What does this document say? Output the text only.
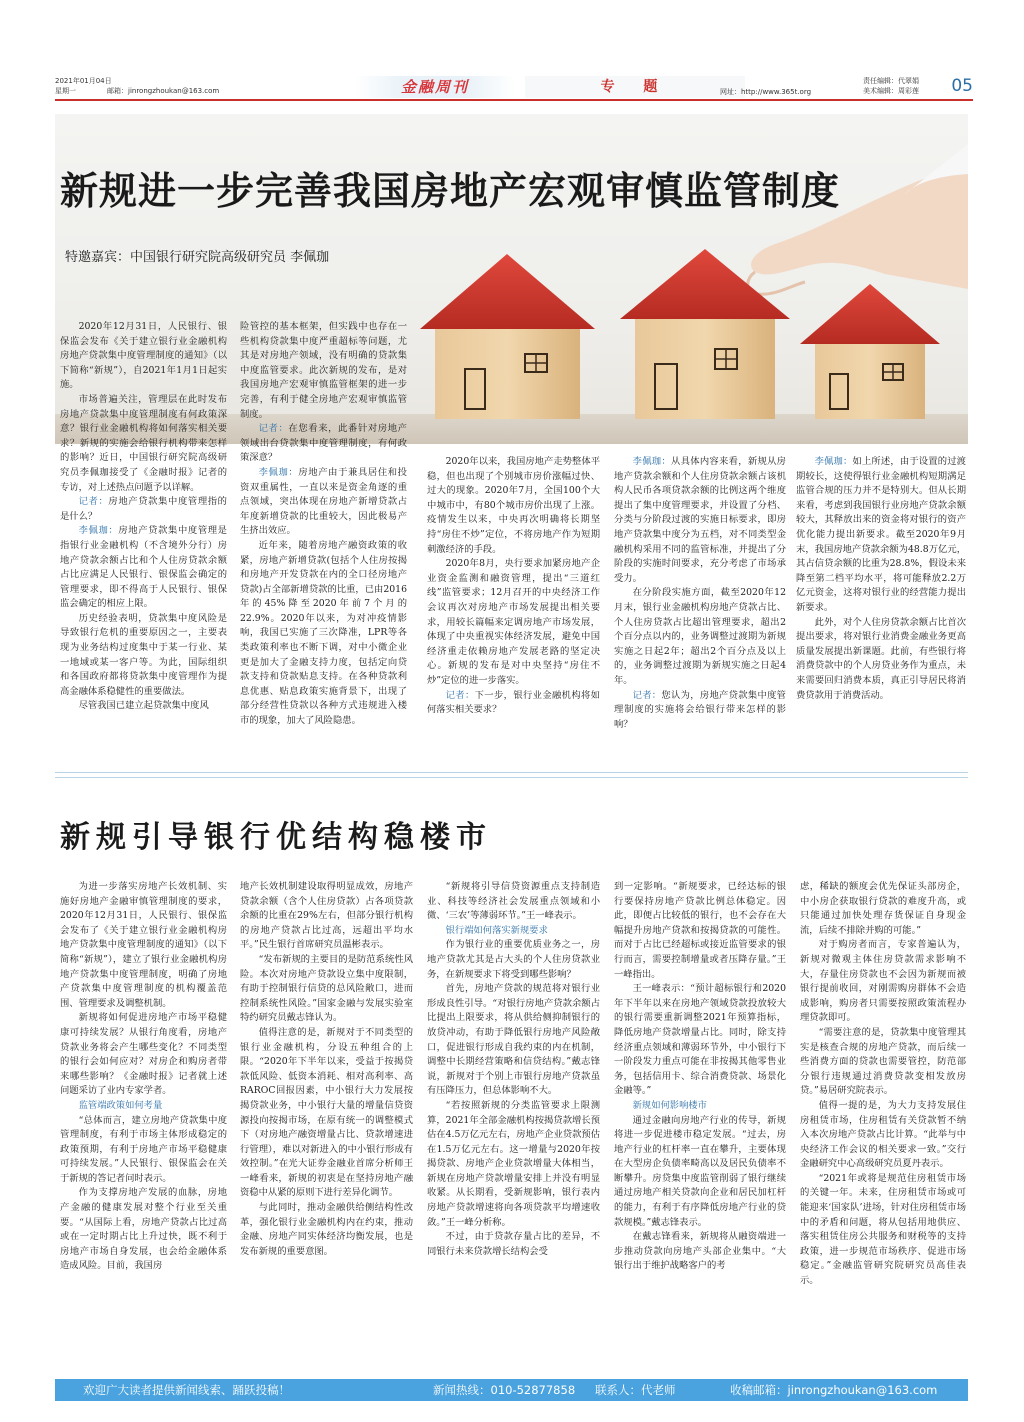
2021年01月04日
星期一	邮箱：jinrongzhoukan@163.com	金融周刊	专 题	网址：http://www.365t.org
责任编辑：代翠娟
美术编辑：周彩莲 05
新规进一步完善我国房地产宏观审慎监管制度
特邀嘉宾：中国银行研究院高级研究员 李佩珈

2020年12月31日，人民银行、银保监会发布《关于建立银行业金融机构房地产贷款集中度管理制度的通知》（以下简称“新规”），自2021年1月1日起实施。

市场普遍关注，管理层在此时发布房地产贷款集中度管理制度有何政策深意？银行业金融机构将如何落实相关要求？新规的实施会给银行机构带来怎样的影响？近日，中国银行研究院高级研究员李佩珈接受了《金融时报》记者的专访，对上述热点问题予以详解。

记者：房地产贷款集中度管理指的是什么？

李佩珈：房地产贷款集中度管理是指银行业金融机构（不含境外分行）房地产贷款余额占比和个人住房贷款余额占比应满足人民银行、银保监会确定的管理要求，即不得高于人民银行、银保监会确定的相应上限。

历史经验表明，贷款集中度风险是导致银行危机的重要原因之一，主要表现为业务结构过度集中于某一行业、某一地域或某一客户等。为此，国际组织和各国政府都将贷款集中度管理作为提高金融体系稳健性的重要做法。

尽管我国已建立起贷款集中度风

险管控的基本框架，但实践中也存在一些机构贷款集中度严重超标等问题，尤其是对房地产领域，没有明确的贷款集中度监管要求。此次新规的发布，是对我国房地产宏观审慎监管框架的进一步完善，有利于健全房地产宏观审慎监管制度。

记者：在您看来，此番针对房地产领域出台贷款集中度管理制度，有何政策深意？

李佩珈：房地产由于兼具居住和投资双重属性，一直以来是资金角逐的重点领域，突出体现在房地产新增贷款占年度新增贷款的比重较大，因此极易产生挤出效应。

近年来，随着房地产融资政策的收紧，房地产新增贷款(包括个人住房按揭和房地产开发贷款在内的全口径房地产贷款)占全部新增贷款的比重，已由2016年的45%降至2020年前7个月的22.9%。2020年以来，为对冲疫情影响，我国已实施了三次降准，LPR等各类政策利率也不断下调，对中小微企业更是加大了金融支持力度，包括定向贷款支持和贷款贴息支持。在各种贷款利息优惠、贴息政策实施背景下，出现了部分经营性贷款以各种方式违规进入楼市的现象，加大了风险隐患。

2020年以来，我国房地产走势整体平稳，但也出现了个别城市房价涨幅过快、过大的现象。2020年7月，全国100个大中城市中，有80个城市房价出现了上涨。疫情发生以来，中央再次明确将长期坚持“房住不炒”定位，不将房地产作为短期刺激经济的手段。

2020年8月，央行要求加紧房地产企业资金监测和融资管理，提出“三道红线”监管要求；12月召开的中央经济工作会议再次对房地产市场发展提出相关要求，用较长篇幅来定调房地产市场发展，体现了中央重视实体经济发展，避免中国经济重走依赖房地产发展老路的坚定决心。新规的发布是对中央坚持“房住不炒”定位的进一步落实。

记者：下一步，银行业金融机构将如何落实相关要求？

李佩珈：从具体内容来看，新规从房地产贷款余额和个人住房贷款余额占该机构人民币各项贷款余额的比例这两个维度提出了集中度管理要求，并设置了分档、分类与分阶段过渡的实施日标要求，即房地产贷款集中度分为五档，对不同类型金融机构采用不同的监管标准，并提出了分阶段的实施时间要求，充分考虑了市场承受力。

在分阶段实施方面，截至2020年12月末，银行业金融机构房地产贷款占比、个人住房贷款占比超出管理要求，超出2个百分点以内的，业务调整过渡期为新规实施之日起2年；超出2个百分点及以上的，业务调整过渡期为新规实施之日起4年。

记者：您认为，房地产贷款集中度管理制度的实施将会给银行带来怎样的影响？

李佩珈：如上所述，由于设置的过渡期较长，这使得银行业金融机构短期满足监管合规的压力并不是特别大。但从长期来看，考虑到我国银行业房地产贷款余额较大，其释放出来的资金将对银行的资产优化能力提出新要求。截至2020年9月末，我国房地产贷款余额为48.8万亿元，其占信贷余额的比重为28.8%，假设未来降至第二档平均水平，将可能释放2.2万亿元资金，这将对银行业的经营能力提出新要求。

此外，对个人住房贷款余额占比首次提出要求，将对银行业消费金融业务更高质量发展提出新课题。此前，有些银行将消费贷款中的个人房贷业务作为重点，未来需要回归消费本质，真正引导居民将消费贷款用于消费活动。

新规引导银行优结构稳楼市

为进一步落实房地产长效机制、实施好房地产金融审慎管理制度的要求，2020年12月31日，人民银行、银保监会发布了《关于建立银行业金融机构房地产贷款集中度管理制度的通知》（以下简称“新规”），建立了银行业金融机构房地产贷款集中度管理制度，明确了房地产贷款集中度管理制度的机构覆盖范围、管理要求及调整机制。

新规将如何促进房地产市场平稳健康可持续发展？从银行角度看，房地产贷款业务将会产生哪些变化？不同类型的银行会如何应对？对房企和购房者带来哪些影响？《金融时报》记者就上述问题采访了业内专家学者。

监管端政策如何考量

“总体而言，建立房地产贷款集中度管理制度，有利于市场主体形成稳定的政策预期，有利于房地产市场平稳健康可持续发展。”人民银行、银保监会在关于新规的答记者问时表示。

作为支撑房地产发展的血脉，房地产金融的健康发展对整个行业至关重要。“从国际上看，房地产贷款占比过高或在一定时期占比上升过快，既不利于房地产市场自身发展，也会给金融体系造成风险。目前，我国房

地产长效机制建设取得明显成效，房地产贷款余额（含个人住房贷款）占各项贷款余额的比重在29%左右，但部分银行机构的房地产贷款占比过高，远超出平均水平。”民生银行首席研究员温彬表示。

“发布新规的主要目的是防范系统性风险。本次对房地产贷款设立集中度限制，有助于控制银行信贷的总风险敞口，进而控制系统性风险。”国家金融与发展实验室特约研究员戴志锋认为。

值得注意的是，新规对于不同类型的银行业金融机构，分设五种组合的上限。“2020年下半年以来，受益于按揭贷款低风险、低资本消耗、相对高利率、高RAROC回报因素，中小银行大力发展按揭贷款业务，中小银行大量的增量信贷资源投向按揭市场，在原有统一的调整模式下（对房地产融资增量占比、贷款增速进行管理），难以对新进入的中小银行形成有效控制。”在光大证券金融业首席分析师王一峰看来，新规的初衷是在坚持房地产融资稳中从紧的原则下进行差异化调节。

与此同时，推动金融供给侧结构性改革，强化银行业金融机构内在约束，推动金融、房地产同实体经济均衡发展，也是发布新规的重要意图。

“新规将引导信贷资源重点支持制造业、科技等经济社会发展重点领域和小微、‘三农’等薄弱环节。”王一峰表示。

银行端如何落实新规要求

作为银行业的重要优质业务之一，房地产贷款尤其是占大头的个人住房贷款业务，在新规要求下将受到哪些影响？

首先，房地产贷款的规范将对银行业形成良性引导。“对银行房地产贷款余额占比提出上限要求，将从供给侧抑制银行的放贷冲动，有助于降低银行房地产风险敞口，促进银行形成自我约束的内在机制，调整中长期经营策略和信贷结构。”戴志锋说，新规对于个别上市银行房地产贷款虽有压降压力，但总体影响不大。

“若按照新规的分类监管要求上限测算，2021年全部金融机构按揭贷款增长预估在4.5万亿元左右，房地产企业贷款预估在1.5万亿元左右。这一增量与2020年按揭贷款、房地产企业贷款增量大体相当，新规在房地产贷款增量安排上并没有明显收紧。从长期看，受新规影响，银行表内房地产贷款增速将向各项贷款平均增速收敛。”王一峰分析称。

不过，由于贷款存量占比的差异，不同银行未来贷款增长结构会受

到一定影响。“新规要求，已经达标的银行要保持房地产贷款比例总体稳定。因此，即便占比较低的银行，也不会存在大幅提升房地产贷款和按揭贷款的可能性。而对于占比已经超标或接近监管要求的银行而言，需要控制增量或者压降存量。”王一峰指出。

王一峰表示：“预计超标银行和2020年下半年以来在房地产领域贷款投放较大的银行需要重新调整2021年预算指标，降低房地产贷款增量占比。同时，除支持经济重点领域和薄弱环节外，中小银行下一阶段发力重点可能在非按揭其他零售业务，包括信用卡、综合消费贷款、场景化金融等。”

新规如何影响楼市

通过金融向房地产行业的传导，新规将进一步促进楼市稳定发展。“过去，房地产行业的杠杆率一直在攀升，主要体现在大型房企负债率畸高以及居民负债率不断攀升。房贷集中度监管削弱了银行继续通过房地产相关贷款向企业和居民加杠杆的能力，有利于有序降低房地产行业的贷款规模。”戴志锋表示。

在戴志锋看来，新规将从融资端进一步推动贷款向房地产头部企业集中。“大银行出于维护战略客户的考

虑，稀缺的额度会优先保证头部房企，中小房企获取银行贷款的难度升高，或只能通过加快处理存货保证自身现金流，后续不排除并购的可能。”

对于购房者而言，专家普遍认为，新规对微观主体住房贷款需求影响不大，存量住房贷款也不会因为新规而被银行提前收回，对刚需购房群体不会造成影响，购房者只需要按照政策流程办理贷款即可。

“需要注意的是，贷款集中度管理其实是核查合规的房地产贷款，而后续一些消费方面的贷款也需要管控，防范部分银行违规通过消费贷款变相发放房贷。”易居研究院表示。

值得一提的是，为大力支持发展住房租赁市场，住房租赁有关贷款暂不纳入本次房地产贷款占比计算。“此举与中央经济工作会议的相关要求一致。”交行金融研究中心高级研究员夏丹表示。

“2021年或将是规范住房租赁市场的关键一年。未来，住房租赁市场或可能迎来‘国家队’进场，针对住房租赁市场中的矛盾和问题，将从包括用地供应、落实租赁住房公共服务和财税等的支持政策，进一步规范市场秩序、促进市场稳定。”金融监管研究院研究员高佳表示。

欢迎广大读者提供新闻线索、踊跃投稿！	新闻热线：010-52877858 联系人：代老师	收稿邮箱：jinrongzhoukan@163.com
